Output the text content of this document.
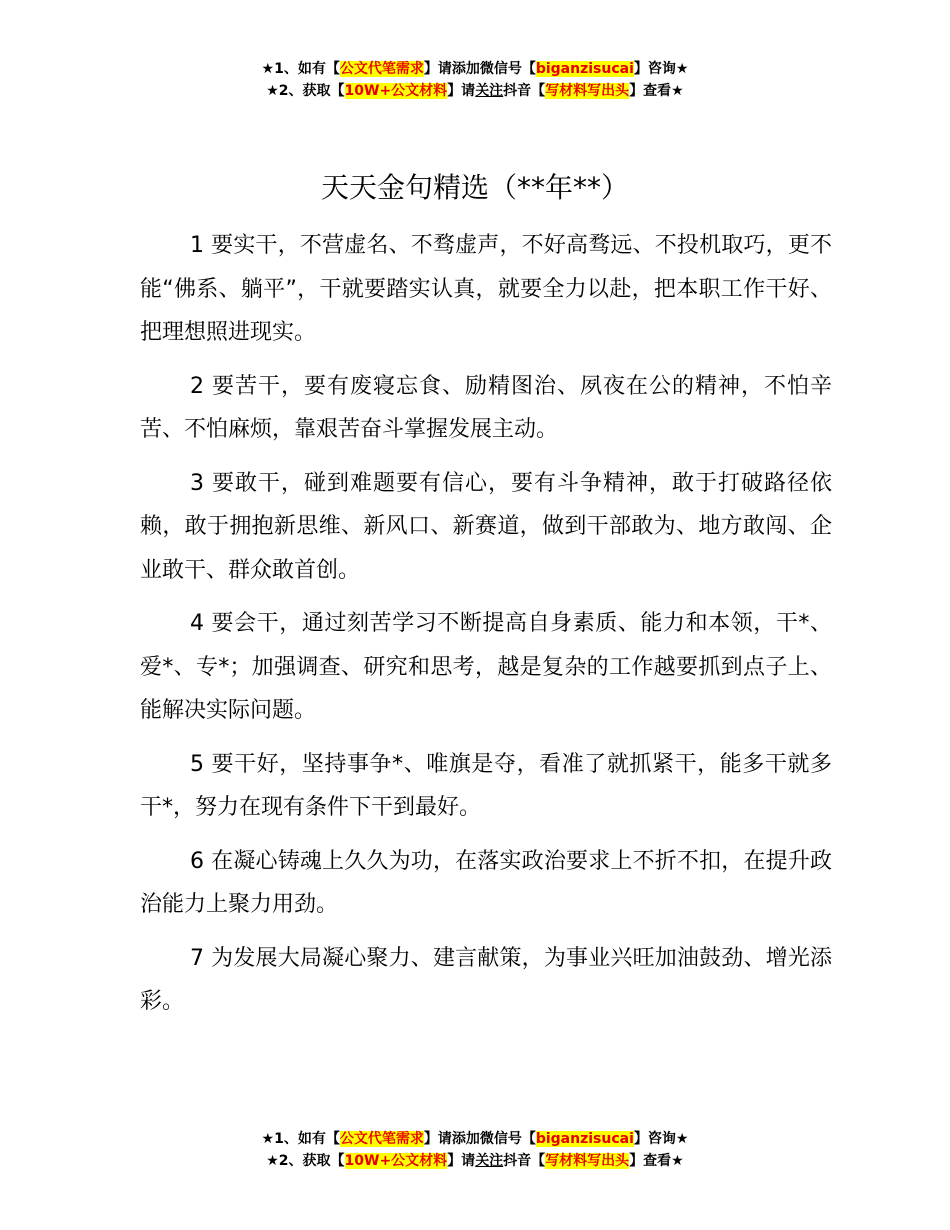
★1、如有【公文代笔需求】请添加微信号【biganzisucai】咨询★
★2、获取【10W+公文材料】请关注抖音【写材料写出头】查看★
天天金句精选（**年**）

1 要实干，不营虚名、不骛虚声，不好高骛远、不投机取巧，更不能“佛系、躺平”，干就要踏实认真，就要全力以赴，把本职工作干好、把理想照进现实。

2 要苦干，要有废寝忘食、励精图治、夙夜在公的精神，不怕辛苦、不怕麻烦，靠艰苦奋斗掌握发展主动。

3 要敢干，碰到难题要有信心，要有斗争精神，敢于打破路径依赖，敢于拥抱新思维、新风口、新赛道，做到干部敢为、地方敢闯、企业敢干、群众敢首创。

4 要会干，通过刻苦学习不断提高自身素质、能力和本领，干*、爱*、专*；加强调查、研究和思考，越是复杂的工作越要抓到点子上、能解决实际问题。

5 要干好，坚持事争*、唯旗是夺，看准了就抓紧干，能多干就多干*，努力在现有条件下干到最好。

6 在凝心铸魂上久久为功，在落实政治要求上不折不扣，在提升政治能力上聚力用劲。

7 为发展大局凝心聚力、建言献策，为事业兴旺加油鼓劲、增光添彩。

★1、如有【公文代笔需求】请添加微信号【biganzisucai】咨询★
★2、获取【10W+公文材料】请关注抖音【写材料写出头】查看★
